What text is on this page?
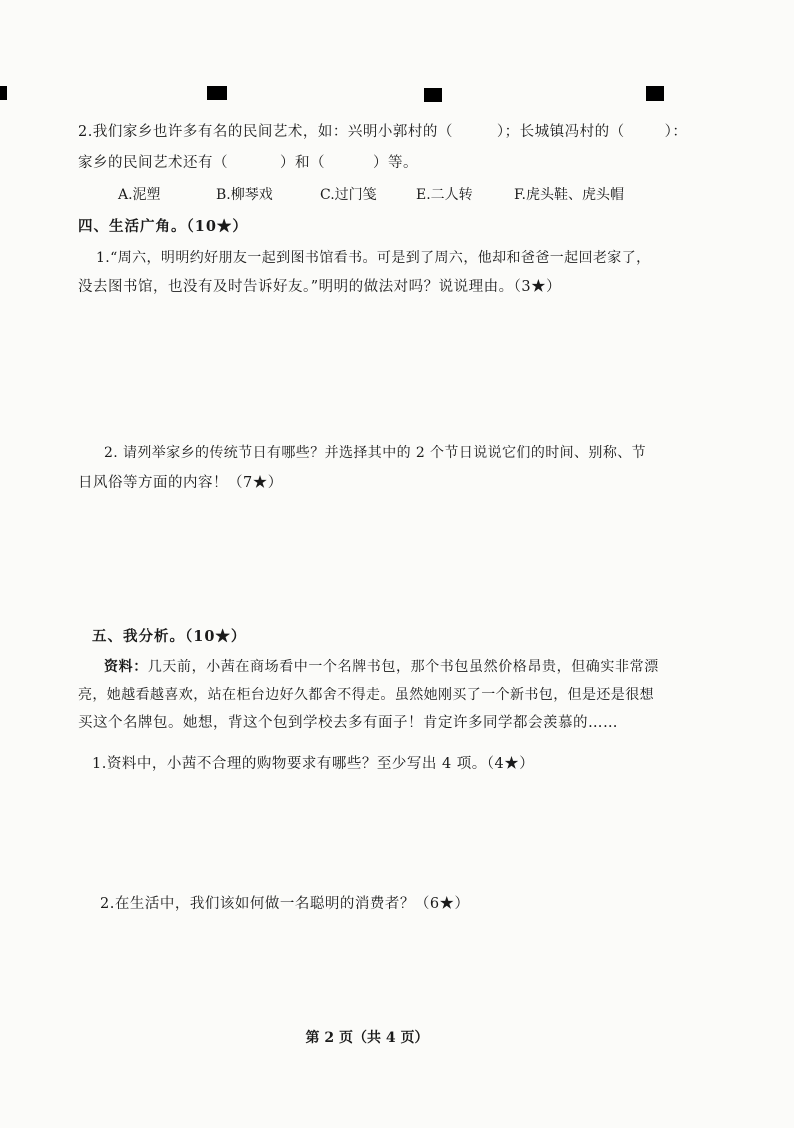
2.我们家乡也许多有名的民间艺术，如：兴明小郭村的（	）；长城镇冯村的（	）：
家乡的民间艺术还有（	）和（	）等。
A.泥塑	B.柳琴戏	C.过门笺	E.二人转	F.虎头鞋、虎头帽
四、生活广角。（10★）
1.“周六，明明约好朋友一起到图书馆看书。可是到了周六，他却和爸爸一起回老家了，
没去图书馆，也没有及时告诉好友。”明明的做法对吗？说说理由。（3★）
2. 请列举家乡的传统节日有哪些？并选择其中的 2 个节日说说它们的时间、别称、节
日风俗等方面的内容！（7★）
五、我分析。（10★）
资料：几天前，小茜在商场看中一个名牌书包，那个书包虽然价格昂贵，但确实非常漂
亮，她越看越喜欢，站在柜台边好久都舍不得走。虽然她刚买了一个新书包，但是还是很想
买这个名牌包。她想，背这个包到学校去多有面子！肯定许多同学都会羡慕的……
1.资料中，小茜不合理的购物要求有哪些？至少写出 4 项。（4★）
2.在生活中，我们该如何做一名聪明的消费者？（6★）
第 2 页（共 4 页）
